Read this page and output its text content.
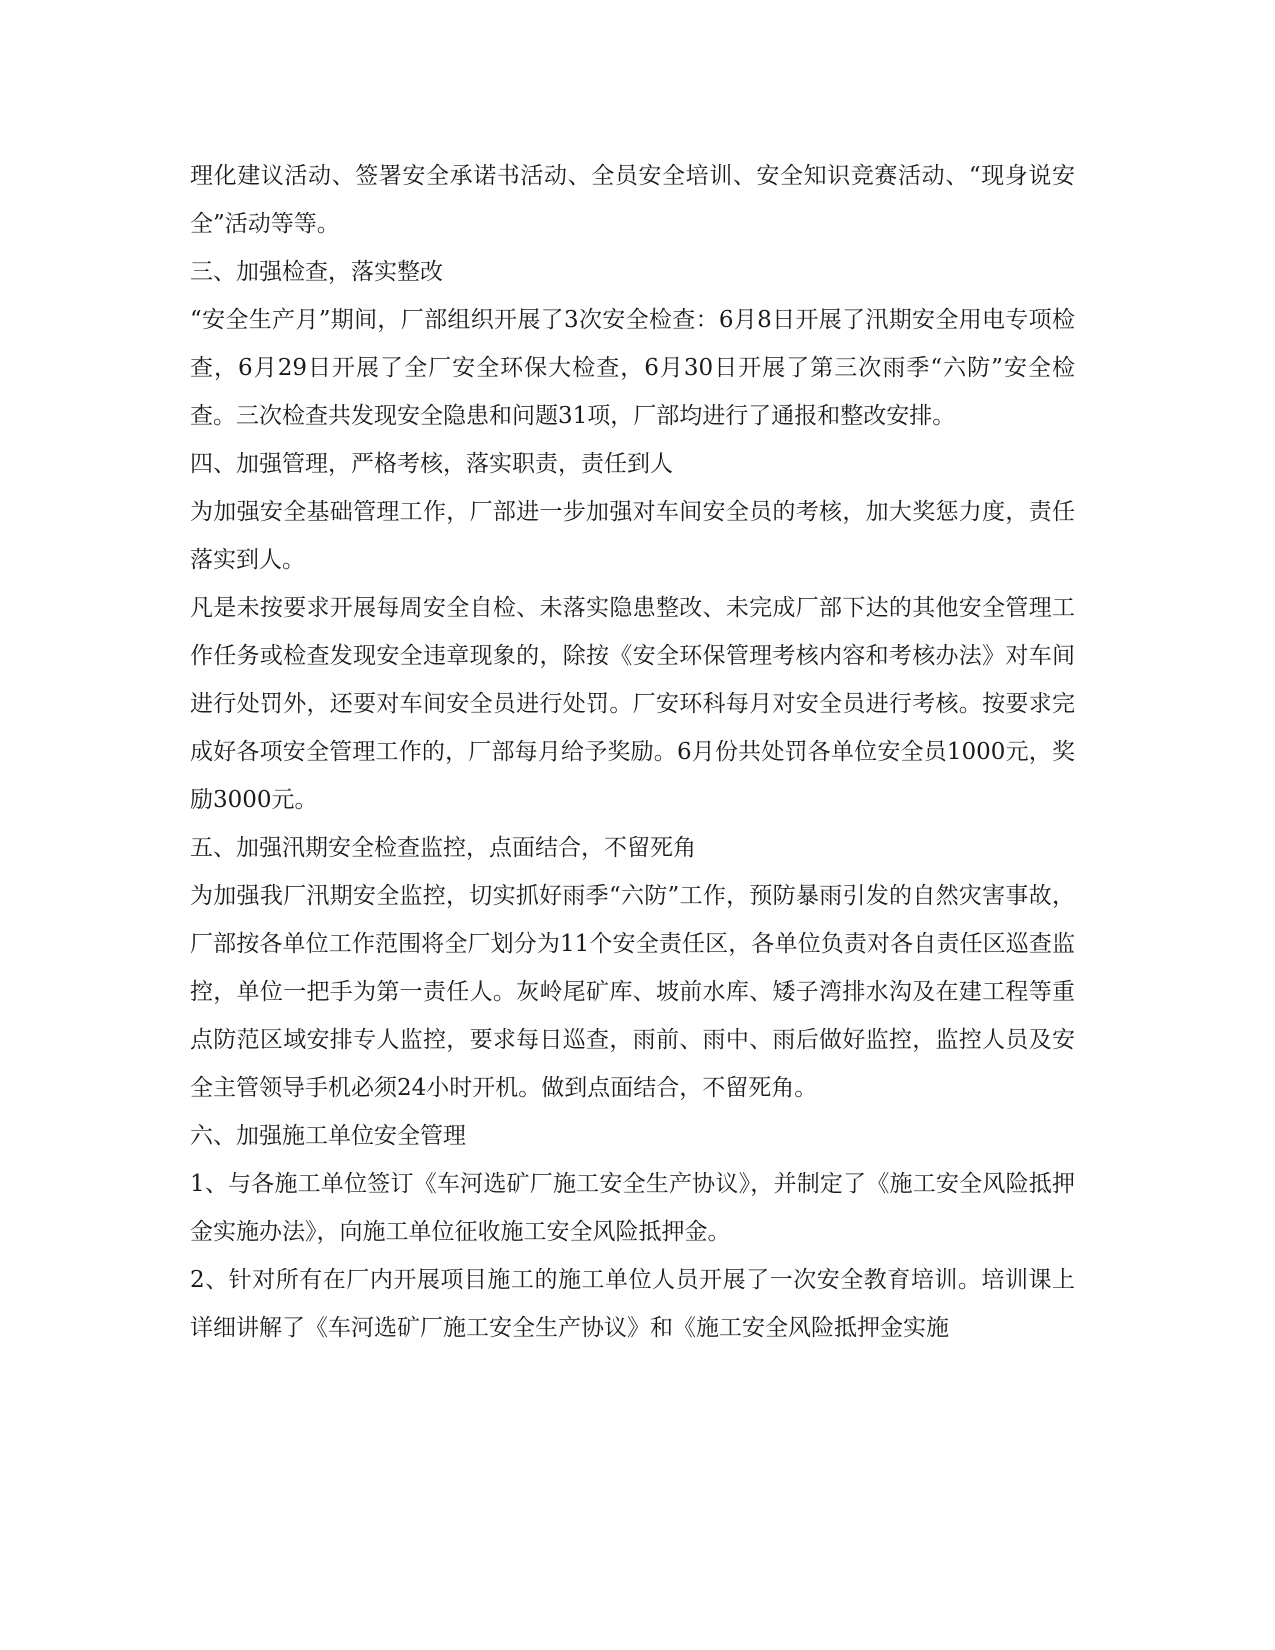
理化建议活动、签署安全承诺书活动、全员安全培训、安全知识竞赛活动、“现身说安全”活动等等。

三、加强检查，落实整改

“安全生产月”期间，厂部组织开展了3次安全检查：6月8日开展了汛期安全用电专项检查，6月29日开展了全厂安全环保大检查，6月30日开展了第三次雨季“六防”安全检查。三次检查共发现安全隐患和问题31项，厂部均进行了通报和整改安排。

四、加强管理，严格考核，落实职责，责任到人

为加强安全基础管理工作，厂部进一步加强对车间安全员的考核，加大奖惩力度，责任落实到人。

凡是未按要求开展每周安全自检、未落实隐患整改、未完成厂部下达的其他安全管理工作任务或检查发现安全违章现象的，除按《安全环保管理考核内容和考核办法》对车间进行处罚外，还要对车间安全员进行处罚。厂安环科每月对安全员进行考核。按要求完成好各项安全管理工作的，厂部每月给予奖励。6月份共处罚各单位安全员1000元，奖励3000元。

五、加强汛期安全检查监控，点面结合，不留死角

为加强我厂汛期安全监控，切实抓好雨季“六防”工作，预防暴雨引发的自然灾害事故，厂部按各单位工作范围将全厂划分为11个安全责任区，各单位负责对各自责任区巡查监控，单位一把手为第一责任人。灰岭尾矿库、坡前水库、矮子湾排水沟及在建工程等重点防范区域安排专人监控，要求每日巡查，雨前、雨中、雨后做好监控，监控人员及安全主管领导手机必须24小时开机。做到点面结合，不留死角。

六、加强施工单位安全管理

1、与各施工单位签订《车河选矿厂施工安全生产协议》，并制定了《施工安全风险抵押金实施办法》，向施工单位征收施工安全风险抵押金。

2、针对所有在厂内开展项目施工的施工单位人员开展了一次安全教育培训。培训课上详细讲解了《车河选矿厂施工安全生产协议》和《施工安全风险抵押金实施
